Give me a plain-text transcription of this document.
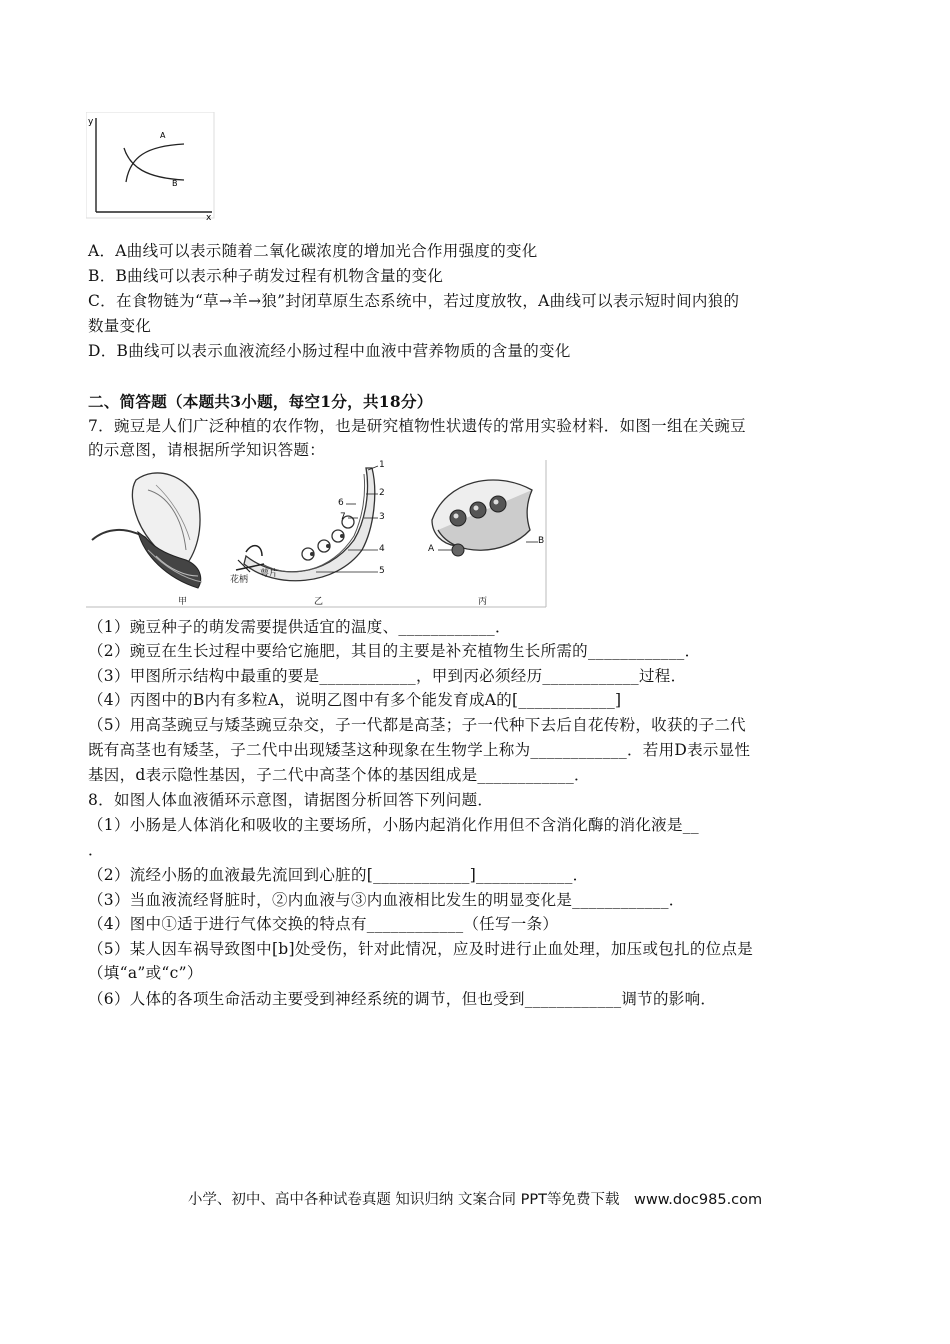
y
x
A
B
A．A曲线可以表示随着二氧化碳浓度的增加光合作用强度的变化
B．B曲线可以表示种子萌发过程有机物含量的变化
C．在食物链为“草→羊→狼”封闭草原生态系统中，若过度放牧，A曲线可以表示短时间内狼的
数量变化
D．B曲线可以表示血液流经小肠过程中血液中营养物质的含量的变化
二、简答题（本题共3小题，每空1分，共18分）
7．豌豆是人们广泛种植的农作物，也是研究植物性状遗传的常用实验材料．如图一组在关豌豆
的示意图，请根据所学知识答题：
甲	乙	丙
花柄
萼片
1
2
3
4
5
6
7
A
B
（1）豌豆种子的萌发需要提供适宜的温度、____________．
（2）豌豆在生长过程中要给它施肥，其目的主要是补充植物生长所需的____________．
（3）甲图所示结构中最重的要是____________，甲到丙必须经历____________过程．
（4）丙图中的B内有多粒A，说明乙图中有多个能发育成A的[____________]
（5）用高茎豌豆与矮茎豌豆杂交，子一代都是高茎；子一代种下去后自花传粉，收获的子二代
既有高茎也有矮茎，子二代中出现矮茎这种现象在生物学上称为____________．若用D表示显性
基因，d表示隐性基因，子二代中高茎个体的基因组成是____________．
8．如图人体血液循环示意图，请据图分析回答下列问题．
（1）小肠是人体消化和吸收的主要场所，小肠内起消化作用但不含消化酶的消化液是__
．
（2）流经小肠的血液最先流回到心脏的[____________]____________．
（3）当血液流经肾脏时，②内血液与③内血液相比发生的明显变化是____________．
（4）图中①适于进行气体交换的特点有____________（任写一条）
（5）某人因车祸导致图中[b]处受伤，针对此情况，应及时进行止血处理，加压或包扎的位点是
（填“a”或“c”）
（6）人体的各项生命活动主要受到神经系统的调节，但也受到____________调节的影响．
小学、初中、高中各种试卷真题 知识归纳 文案合同 PPT等免费下载　www.doc985.com
